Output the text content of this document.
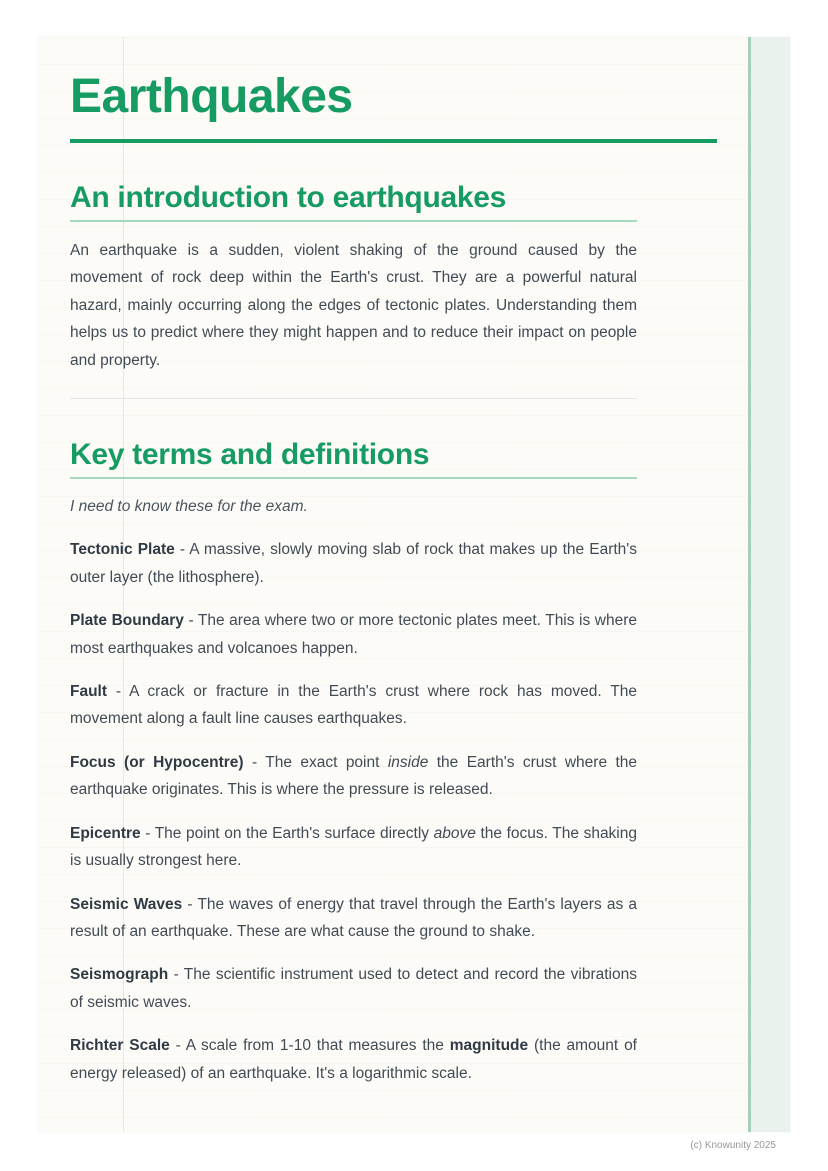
Earthquakes
An introduction to earthquakes

An earthquake is a sudden, violent shaking of the ground caused by the movement of rock deep within the Earth's crust. They are a powerful natural hazard, mainly occurring along the edges of tectonic plates. Understanding them helps us to predict where they might happen and to reduce their impact on people and property.

Key terms and definitions

I need to know these for the exam.

Tectonic Plate - A massive, slowly moving slab of rock that makes up the Earth's outer layer (the lithosphere).

Plate Boundary - The area where two or more tectonic plates meet. This is where most earthquakes and volcanoes happen.

Fault - A crack or fracture in the Earth's crust where rock has moved. The movement along a fault line causes earthquakes.

Focus (or Hypocentre) - The exact point inside the Earth's crust where the earthquake originates. This is where the pressure is released.

Epicentre - The point on the Earth's surface directly above the focus. The shaking is usually strongest here.

Seismic Waves - The waves of energy that travel through the Earth's layers as a result of an earthquake. These are what cause the ground to shake.

Seismograph - The scientific instrument used to detect and record the vibrations of seismic waves.

Richter Scale - A scale from 1-10 that measures the magnitude (the amount of energy released) of an earthquake. It's a logarithmic scale.

(c) Knowunity 2025
